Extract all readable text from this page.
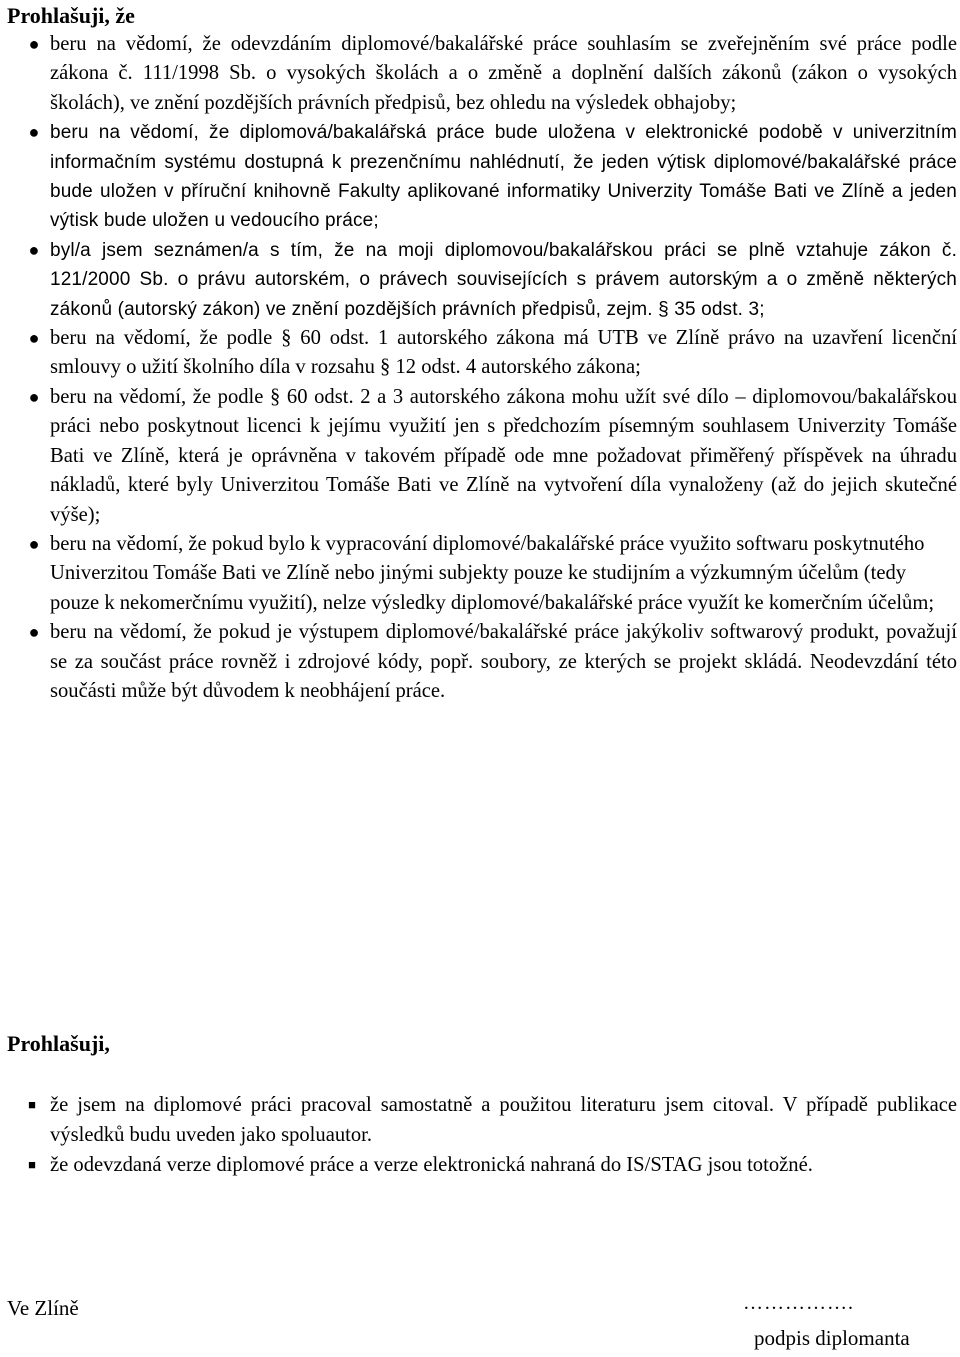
Prohlašuji, že
● beru na vědomí, že odevzdáním diplomové/bakalářské práce souhlasím se zveřejněním své práce podle zákona č. 111/1998 Sb. o vysokých školách a o změně a doplnění dalších zákonů (zákon o vysokých školách), ve znění pozdějších právních předpisů, bez ohledu na výsledek obhajoby;
● beru na vědomí, že diplomová/bakalářská práce bude uložena v elektronické podobě v univerzitním informačním systému dostupná k prezenčnímu nahlédnutí, že jeden výtisk diplomové/bakalářské práce bude uložen v příruční knihovně Fakulty aplikované informatiky Univerzity Tomáše Bati ve Zlíně a jeden výtisk bude uložen u vedoucího práce;
● byl/a jsem seznámen/a s tím, že na moji diplomovou/bakalářskou práci se plně vztahuje zákon č. 121/2000 Sb. o právu autorském, o právech souvisejících s právem autorským a o změně některých zákonů (autorský zákon) ve znění pozdějších právních předpisů, zejm. § 35 odst. 3;
● beru na vědomí, že podle § 60 odst. 1 autorského zákona má UTB ve Zlíně právo na uzavření licenční smlouvy o užití školního díla v rozsahu § 12 odst. 4 autorského zákona;
● beru na vědomí, že podle § 60 odst. 2 a 3 autorského zákona mohu užít své dílo – diplomovou/bakalářskou práci nebo poskytnout licenci k jejímu využití jen s předchozím písemným souhlasem Univerzity Tomáše Bati ve Zlíně, která je oprávněna v takovém případě ode mne požadovat přiměřený příspěvek na úhradu nákladů, které byly Univerzitou Tomáše Bati ve Zlíně na vytvoření díla vynaloženy (až do jejich skutečné výše);
● beru na vědomí, že pokud bylo k vypracování diplomové/bakalářské práce využito softwaru poskytnutého Univerzitou Tomáše Bati ve Zlíně nebo jinými subjekty pouze ke studijním a výzkumným účelům (tedy pouze k nekomerčnímu využití), nelze výsledky diplomové/bakalářské práce využít ke komerčním účelům;
● beru na vědomí, že pokud je výstupem diplomové/bakalářské práce jakýkoliv softwarový produkt, považují se za součást práce rovněž i zdrojové kódy, popř. soubory, ze kterých se projekt skládá. Neodevzdání této součásti může být důvodem k neobhájení práce.
Prohlašuji,
■ že jsem na diplomové práci pracoval samostatně a použitou literaturu jsem citoval. V případě publikace výsledků budu uveden jako spoluautor.
■ že odevzdaná verze diplomové práce a verze elektronická nahraná do IS/STAG jsou totožné.

Ve Zlíně	…………….

podpis diplomanta
